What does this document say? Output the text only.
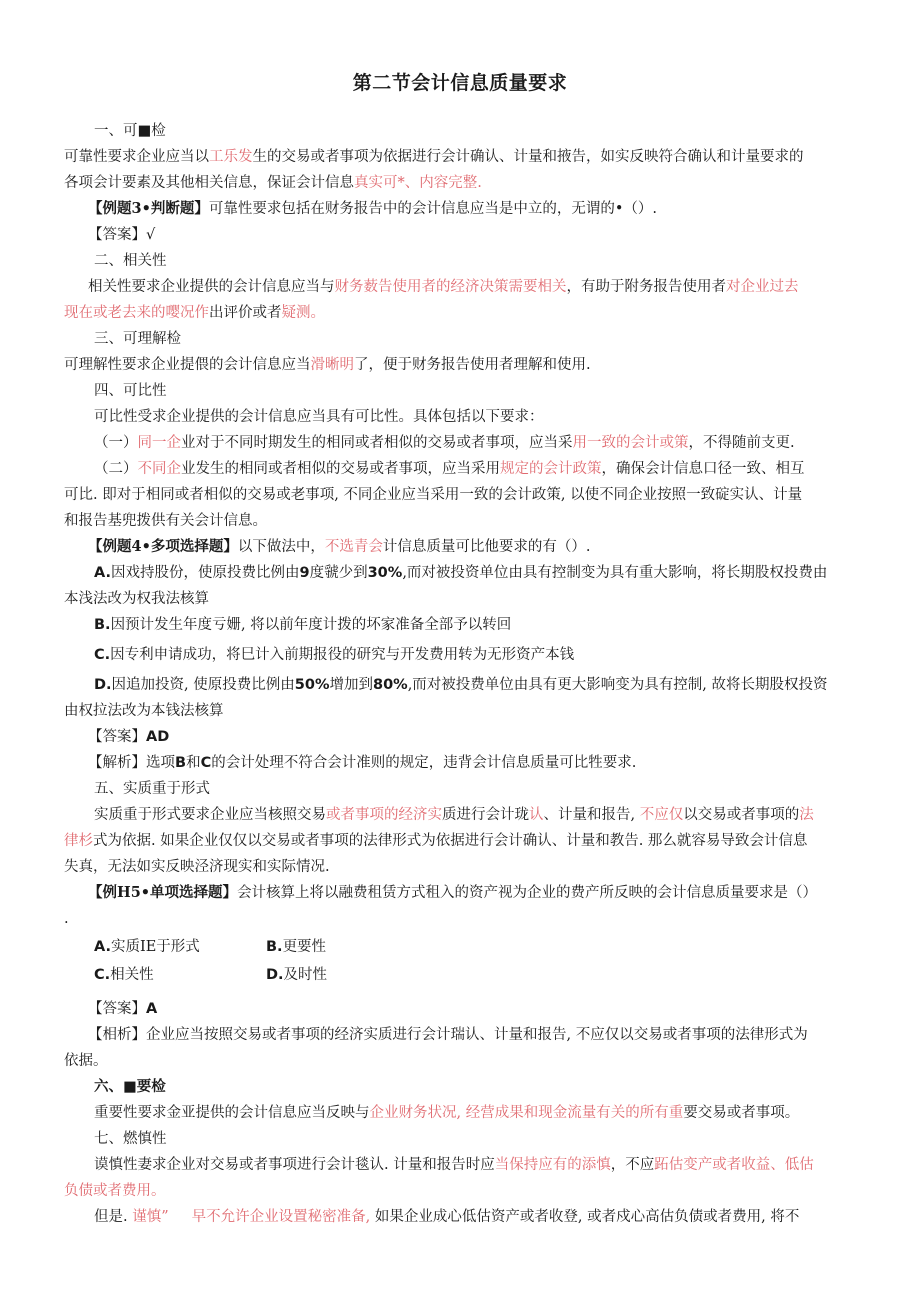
第二节会计信息质量要求
一、可■检
可靠性要求企业应当以工乐发生的交易或者事项为依据进行会计确认、计量和掖告，如实反映符合确认和计量要求的
各项会计要素及其他相关信息，保证会计信息真实可*、内容完整.
【例题3•判断题】可靠性要求包括在财务报告中的会计信息应当是中立的，无谓的•（）.
【答案】√
二、相关性
相关性要求企业提供的会计信息应当与财务薮告使用者的经济决策需要相关，有助于附务报告使用者对企业过去
现在或老去来的嘤况作出评价或者疑测。
三、可理解检
可理解性要求企业提偎的会计信息应当滑晰明了，便于财务报告使用者理解和使用.
四、可比性
可比性受求企业提供的会计信息应当具有可比性。具体包括以下要求：
（一）同一企业对于不同时期发生的相同或者相似的交易或者事项，应当采用一致的会计或策，不得随前支更.
（二）不同企业发生的相同或者相似的交易或者事项，应当采用规定的会计政策，确保会计信息口径一致、相互
可比. 即对于相同或者相似的交易或老事项, 不同企业应当采用一致的会计政策, 以使不同企业按照一致碇实认、计量
和报告基兜拨供有关会计信息。
【例题4•多项选择题】以下做法中，不选青会计信息质量可比他要求的有（）.
A.因戏持股份，使原投费比例由9度虢少到30%,而对被投资单位由具有控制变为具有重大影响，将长期股权投费由
本浅法改为权我法核算
B.因预计发生年度亏姗, 将以前年度计拨的坏家准备全部予以转回
C.因专利申请成功，将巳计入前期报役的研究与开发费用转为无形资产本钱
D.因追加投资, 使原投费比例由50%增加到80%,而对被投费单位由具有更大影响变为具有控制, 故将长期股权投资
由权拉法改为本钱法核算
【答案】AD
【解析】选项B和C的会计处理不符合会计准则的规定，违背会计信息质量可比牲要求.
五、实质重于形式
实质重于形式要求企业应当核照交易或者事项的经济实质进行会计珑认、计量和报告, 不应仅以交易或者事项的法
律杉式为依据. 如果企业仅仅以交易或者事项的法律形式为依据进行会计确认、计量和教告. 那么就容易导致会计信息
失真，无法如实反映泾济现实和实际情况.
【例H5•单项选择题】会计核算上将以融费租赁方式租入的资产视为企业的费产所反映的会计信息质量要求是（）
.
A.实质IE于形式	B.更要性
C.相关性	D.及时性
【答案】A
【相析】企业应当按照交易或者事项的经济实质进行会计瑞认、计量和报告, 不应仅以交易或者事项的法律形式为
依据。
六、■要检
重要性要求金亚提供的会计信息应当反映与企业财务状况, 经营成果和现金流量有关的所有重要交易或者事项。
七、燃慎性
谟慎性妻求企业对交易或者事项进行会计毯认. 计量和报告时应当保持应有的添慎，不应跖估变产或者收益、低估
负债或者费用。
但是. 谨慎”     早不允许企业设置秘密准备, 如果企业成心低估资产或者收登, 或者戍心高估负债或者费用, 将不
